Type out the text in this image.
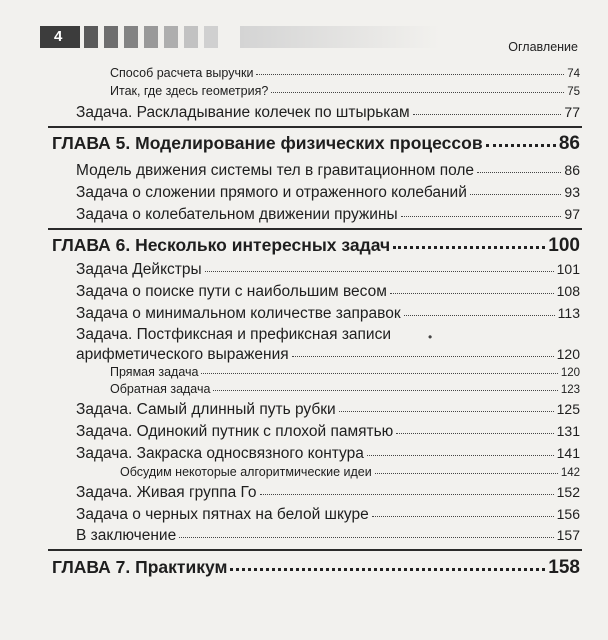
4
Оглавление
Способ расчета выручки	74
Итак, где здесь геометрия?	75
Задача. Раскладывание колечек по штырькам	77
ГЛАВА 5. Моделирование физических процессов	86
Модель движения системы тел в гравитационном поле	86
Задача о сложении прямого и отраженного колебаний	93
Задача о колебательном движении пружины	97
ГЛАВА 6. Несколько интересных задач	100
Задача Дейкстры	101
Задача о поиске пути с наибольшим весом	108
Задача о минимальном количестве заправок	113
Задача. Постфиксная и префиксная записи
арифметического выражения	120
•
Прямая задача	120
Обратная задача	123
Задача. Самый длинный путь рубки	125
Задача. Одинокий путник с плохой памятью	131
Задача. Закраска односвязного контура	141
Обсудим некоторые алгоритмические идеи	142
Задача. Живая группа Го	152
Задача о черных пятнах на белой шкуре	156
В заключение	157
ГЛАВА 7. Практикум	158
